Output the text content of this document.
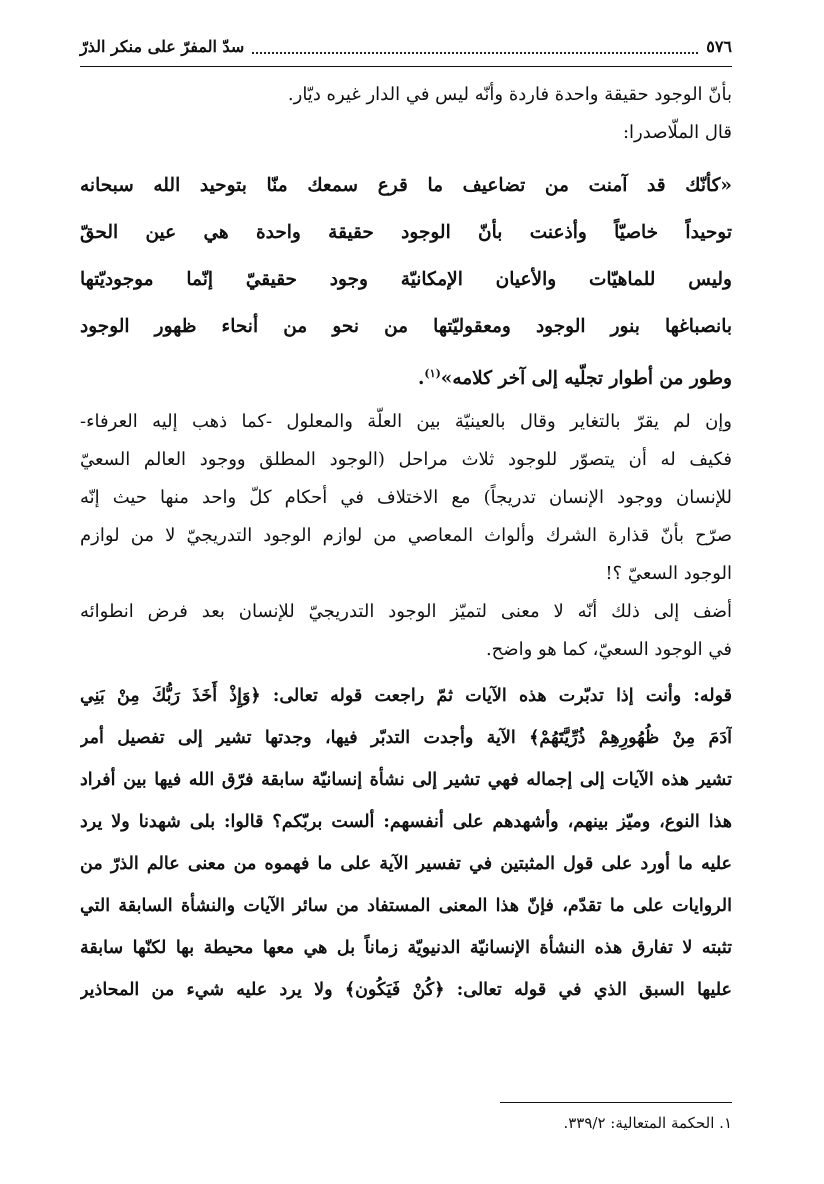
٥٧٦
سدّ المفرّ على منكر الذرّ
بأنّ الوجود حقيقة واحدة فاردة وأنّه ليس في الدار غيره ديّار.
قال الملّاصدرا:
«كأنّك قد آمنت من تضاعيف ما قرع سمعك منّا بتوحيد الله سبحانه
توحيداً خاصيّاً وأذعنت بأنّ الوجود حقيقة واحدة هي عين الحقّ
وليس للماهيّات والأعيان الإمكانيّة وجود حقيقيّ إنّما موجوديّتها
بانصباغها بنور الوجود ومعقوليّتها من نحو من أنحاء ظهور الوجود
وطور من أطوار تجلّيه إلى آخر كلامه»$^{(١)}$.
وإن لم يقرّ بالتغاير وقال بالعينيّة بين العلّة والمعلول -كما ذهب إليه العرفاء-
فكيف له أن يتصوّر للوجود ثلاث مراحل (الوجود المطلق ووجود العالم السعيّ
للإنسان ووجود الإنسان تدريجاً) مع الاختلاف في أحكام كلّ واحد منها حيث إنّه
صرّح بأنّ قذارة الشرك وألواث المعاصي من لوازم الوجود التدريجيّ لا من لوازم
الوجود السعيّ ؟!
أضف إلى ذلك أنّه لا معنى لتميّز الوجود التدريجيّ للإنسان بعد فرض انطوائه
في الوجود السعيّ، كما هو واضح.
قوله: وأنت إذا تدبّرت هذه الآيات ثمّ راجعت قوله تعالى: ﴿وَإِذْ أَخَذَ رَبُّكَ مِنْ بَنِي
آدَمَ مِنْ ظُهُورِهِمْ ذُرِّيَّتَهُمْ﴾ الآية وأجدت التدبّر فيها، وجدتها تشير إلى تفصيل أمر
تشير هذه الآيات إلى إجماله فهي تشير إلى نشأة إنسانيّة سابقة فرّق الله فيها بين أفراد
هذا النوع، وميّز بينهم، وأشهدهم على أنفسهم: ألست بربّكم؟ قالوا: بلى شهدنا ولا يرد
عليه ما أورد على قول المثبتين في تفسير الآية على ما فهموه من معنى عالم الذرّ من
الروايات على ما تقدّم، فإنّ هذا المعنى المستفاد من سائر الآيات والنشأة السابقة التي
تثبته لا تفارق هذه النشأة الإنسانيّة الدنيويّة زماناً بل هي معها محيطة بها لكنّها سابقة
عليها السبق الذي في قوله تعالى: ﴿كُنْ فَيَكُون﴾ ولا يرد عليه شيء من المحاذير
١. الحكمة المتعالية: ٣٣٩/٢.
